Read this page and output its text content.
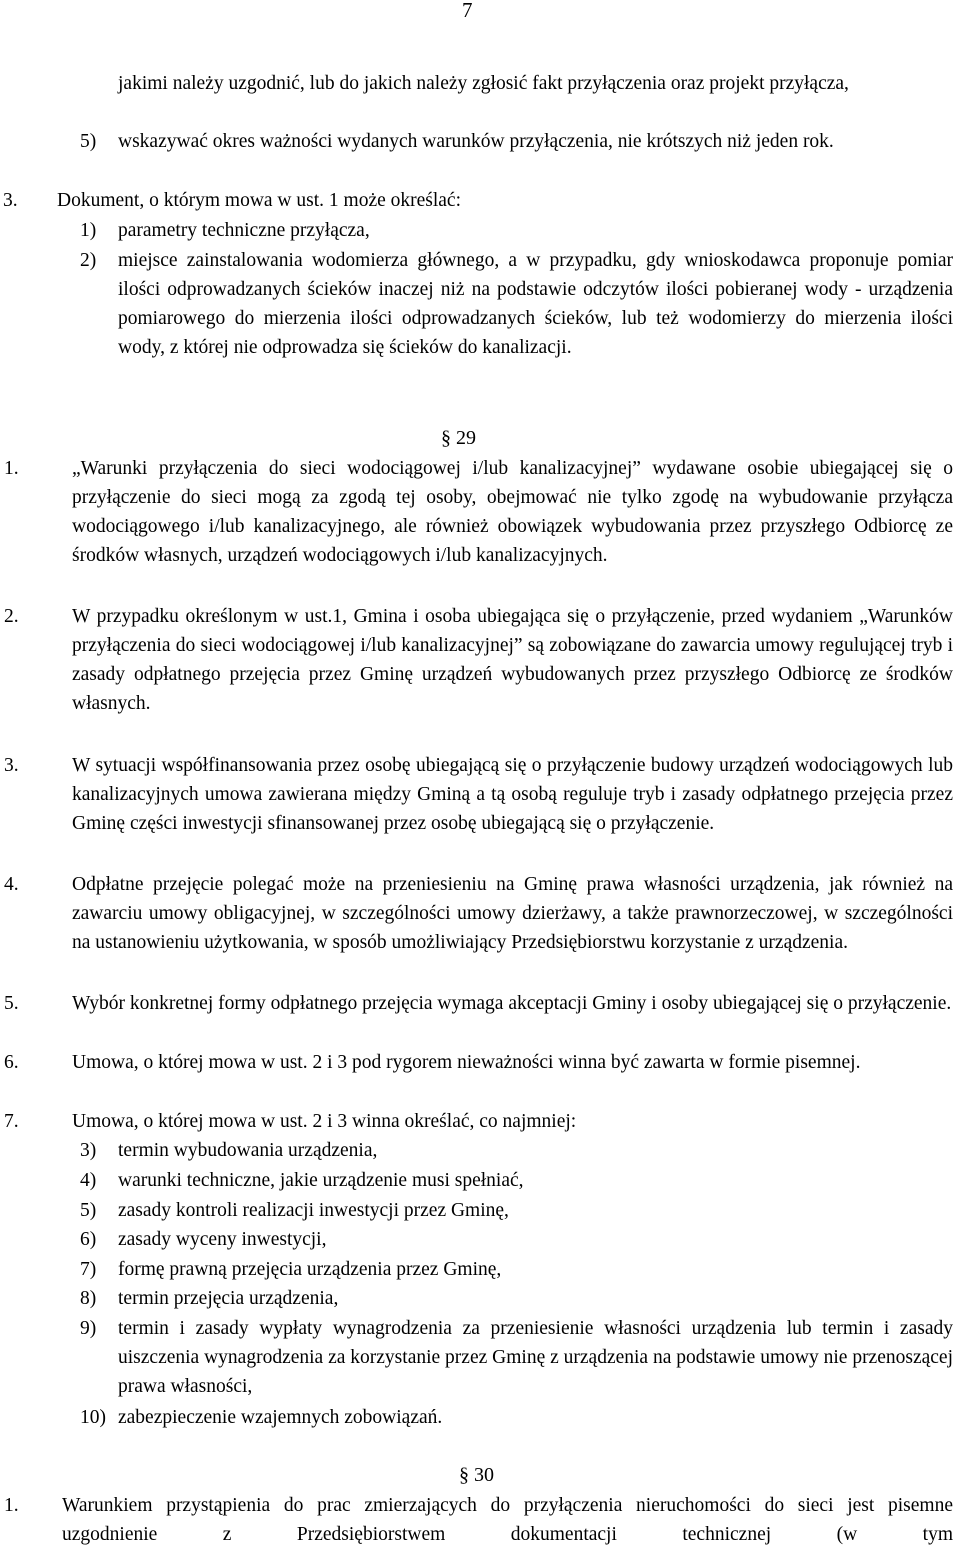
7
jakimi należy uzgodnić, lub do jakich należy zgłosić fakt przyłączenia oraz projekt przyłącza,
5) wskazywać okres ważności wydanych warunków przyłączenia, nie krótszych niż jeden rok.
3. Dokument, o którym mowa w ust. 1 może określać:
1) parametry techniczne przyłącza,
2) miejsce zainstalowania wodomierza głównego, a w przypadku, gdy wnioskodawca proponuje pomiar ilości odprowadzanych ścieków inaczej niż na podstawie odczytów ilości pobieranej wody - urządzenia pomiarowego do mierzenia ilości odprowadzanych ścieków, lub też wodomierzy do mierzenia ilości wody, z której nie odprowadza się ścieków do kanalizacji.
§ 29
1.	„Warunki przyłączenia do sieci wodociągowej i/lub kanalizacyjnej” wydawane osobie ubiegającej się o przyłączenie do sieci mogą za zgodą tej osoby, obejmować nie tylko zgodę na wybudowanie przyłącza wodociągowego i/lub kanalizacyjnego, ale również obowiązek wybudowania przez przyszłego Odbiorcę ze środków własnych, urządzeń wodociągowych i/lub kanalizacyjnych.
2.	W przypadku określonym w ust.1, Gmina i osoba ubiegająca się o przyłączenie, przed wydaniem „Warunków przyłączenia do sieci wodociągowej i/lub kanalizacyjnej” są zobowiązane do zawarcia umowy regulującej tryb i zasady odpłatnego przejęcia przez Gminę urządzeń wybudowanych przez przyszłego Odbiorcę ze środków własnych.
3.	W sytuacji współfinansowania przez osobę ubiegającą się o przyłączenie budowy urządzeń wodociągowych lub kanalizacyjnych umowa zawierana między Gminą a tą osobą reguluje tryb i zasady odpłatnego przejęcia przez Gminę części inwestycji sfinansowanej przez osobę ubiegającą się o przyłączenie.
4.	Odpłatne przejęcie polegać może na przeniesieniu na Gminę prawa własności urządzenia, jak również na zawarciu umowy obligacyjnej, w szczególności umowy dzierżawy, a także prawnorzeczowej, w szczególności na ustanowieniu użytkowania, w sposób umożliwiający Przedsiębiorstwu korzystanie z urządzenia.
5.	Wybór konkretnej formy odpłatnego przejęcia wymaga akceptacji Gminy i osoby ubiegającej się o przyłączenie.
6.	Umowa, o której mowa w ust. 2 i 3 pod rygorem nieważności winna być zawarta w formie pisemnej.
7.	Umowa, o której mowa w ust. 2 i 3 winna określać, co najmniej:
3) termin wybudowania urządzenia,
4) warunki techniczne, jakie urządzenie musi spełniać,
5) zasady kontroli realizacji inwestycji przez Gminę,
6) zasady wyceny inwestycji,
7) formę prawną przejęcia urządzenia przez Gminę,
8) termin przejęcia urządzenia,
9) termin i zasady wypłaty wynagrodzenia za przeniesienie własności urządzenia lub termin i zasady uiszczenia wynagrodzenia za korzystanie przez Gminę z urządzenia na podstawie umowy nie przenoszącej prawa własności,
10) zabezpieczenie wzajemnych zobowiązań.
§ 30
1. Warunkiem przystąpienia do prac zmierzających do przyłączenia nieruchomości do sieci jest pisemne uzgodnienie z Przedsiębiorstwem dokumentacji technicznej (w tym
